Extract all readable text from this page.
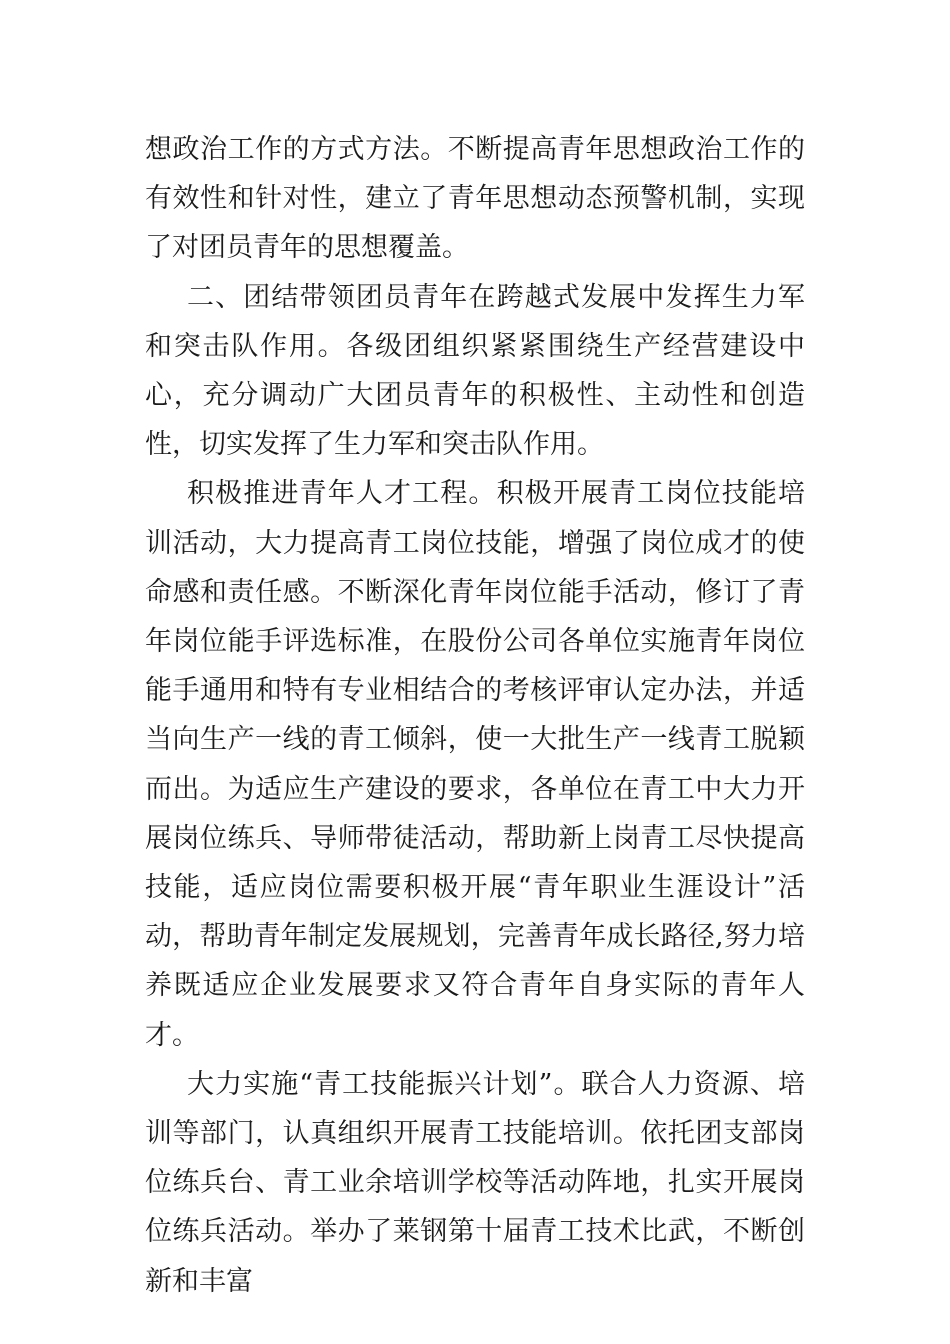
想政治工作的方式方法。不断提高青年思想政治工作的有效性和针对性，建立了青年思想动态预警机制，实现了对团员青年的思想覆盖。

二、团结带领团员青年在跨越式发展中发挥生力军和突击队作用。各级团组织紧紧围绕生产经营建设中心，充分调动广大团员青年的积极性、主动性和创造性，切实发挥了生力军和突击队作用。

积极推进青年人才工程。积极开展青工岗位技能培训活动，大力提高青工岗位技能，增强了岗位成才的使命感和责任感。不断深化青年岗位能手活动，修订了青年岗位能手评选标准，在股份公司各单位实施青年岗位能手通用和特有专业相结合的考核评审认定办法，并适当向生产一线的青工倾斜，使一大批生产一线青工脱颖而出。为适应生产建设的要求，各单位在青工中大力开展岗位练兵、导师带徒活动，帮助新上岗青工尽快提高技能，适应岗位需要积极开展“青年职业生涯设计”活动，帮助青年制定发展规划，完善青年成长路径,努力培养既适应企业发展要求又符合青年自身实际的青年人才。

大力实施“青工技能振兴计划”。联合人力资源、培训等部门，认真组织开展青工技能培训。依托团支部岗位练兵台、青工业余培训学校等活动阵地，扎实开展岗位练兵活动。举办了莱钢第十届青工技术比武，不断创新和丰富
